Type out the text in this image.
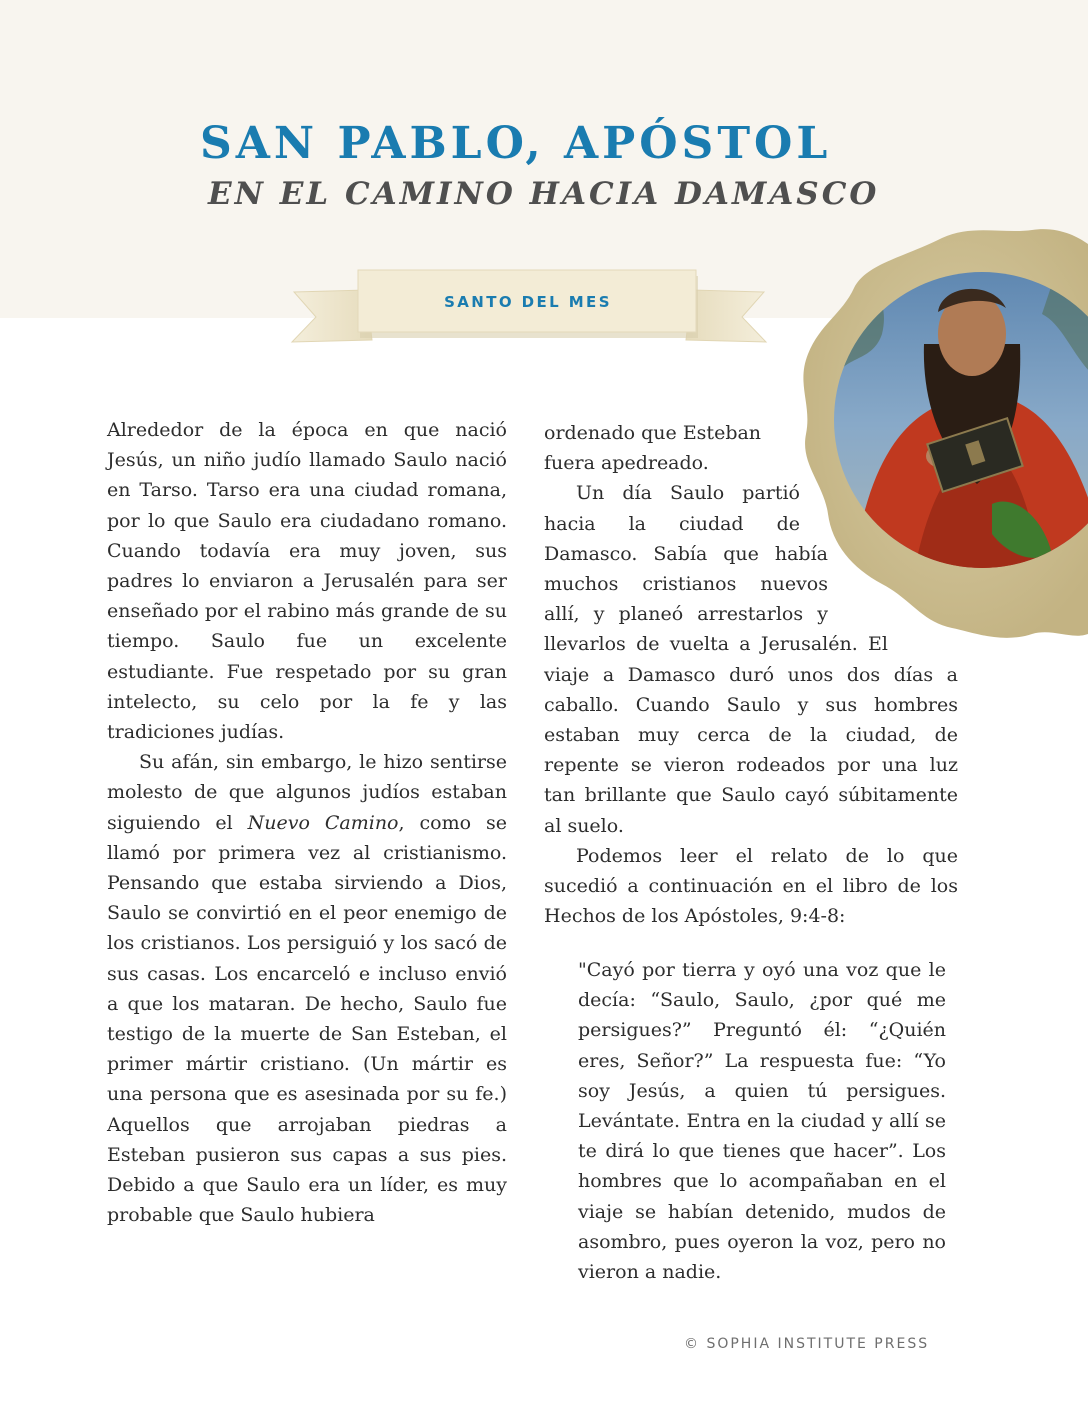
SAN PABLO, APÓSTOL
EN EL CAMINO HACIA DAMASCO
SANTO DEL MES

Alrededor de la época en que nació Jesús, un niño judío llamado Saulo nació en Tarso. Tarso era una ciudad romana, por lo que Saulo era ciudadano romano. Cuando todavía era muy joven, sus padres lo enviaron a Jerusalén para ser enseñado por el rabino más grande de su tiempo. Saulo fue un excelente estudiante. Fue respetado por su gran intelecto, su celo por la fe y las tradiciones judías.

Su afán, sin embargo, le hizo sentirse molesto de que algunos judíos estaban siguiendo el Nuevo Camino, como se llamó por primera vez al cristianismo. Pensando que estaba sirviendo a Dios, Saulo se convirtió en el peor enemigo de los cristianos. Los persiguió y los sacó de sus casas. Los encarceló e incluso envió a que los mataran. De hecho, Saulo fue testigo de la muerte de San Esteban, el primer mártir cristiano. (Un mártir es una persona que es asesinada por su fe.) Aquellos que arrojaban piedras a Esteban pusieron sus capas a sus pies. Debido a que Saulo era un líder, es muy probable que Saulo hubiera

ordenado que Esteban fuera apedreado.

Un día Saulo partió hacia la ciudad de Damasco. Sabía que había muchos cristianos nuevos allí, y planeó arrestarlos y llevarlos de vuelta a Jerusalén. El viaje a Damasco duró unos dos días a caballo. Cuando Saulo y sus hombres estaban muy cerca de la ciudad, de repente se vieron rodeados por una luz tan brillante que Saulo cayó súbitamente al suelo.

Podemos leer el relato de lo que sucedió a continuación en el libro de los Hechos de los Apóstoles, 9:4-8:

"Cayó por tierra y oyó una voz que le decía: “Saulo, Saulo, ¿por qué me persigues?” Preguntó él: “¿Quién eres, Señor?” La respuesta fue: “Yo soy Jesús, a quien tú persigues. Levántate. Entra en la ciudad y allí se te dirá lo que tienes que hacer”. Los hombres que lo acompañaban en el viaje se habían detenido, mudos de asombro, pues oyeron la voz, pero no vieron a nadie.

© SOPHIA INSTITUTE PRESS
